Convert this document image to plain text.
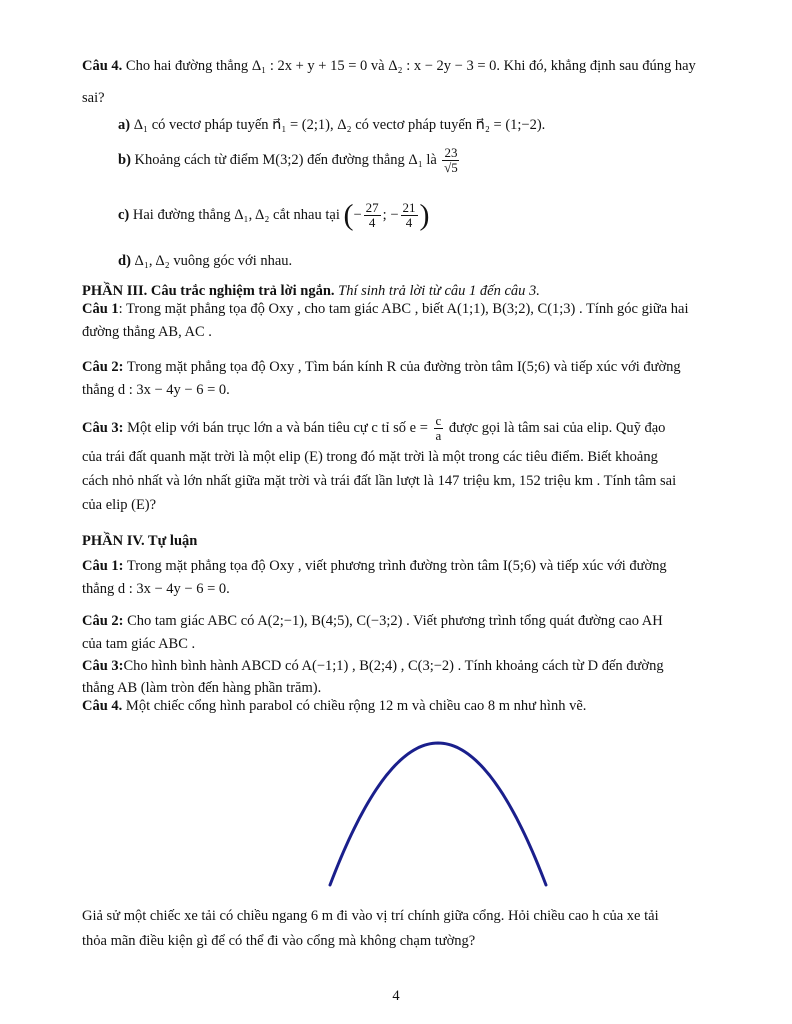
Câu 4. Cho hai đường thẳng Δ₁ : 2x + y + 15 = 0 và Δ₂ : x − 2y − 3 = 0. Khi đó, khẳng định sau đúng hay
sai?
a) Δ₁ có vectơ pháp tuyến n⃗₁ = (2;1), Δ₂ có vectơ pháp tuyến n⃗₂ = (1;−2).
b) Khoảng cách từ điểm M(3;2) đến đường thẳng Δ₁ là $\frac{23}{√5}$
c) Hai đường thẳng Δ₁, Δ₂ cắt nhau tại (− $\frac{27}{4}$ ; − $\frac{21}{4}$ )
d) Δ₁, Δ₂ vuông góc với nhau.
PHẦN III. Câu trắc nghiệm trả lời ngắn. Thí sinh trả lời từ câu 1 đến câu 3.
Câu 1: Trong mặt phẳng tọa độ Oxy , cho tam giác ABC , biết A(1;1), B(3;2), C(1;3) . Tính góc giữa hai
đường thẳng AB, AC .
Câu 2: Trong mặt phẳng tọa độ Oxy , Tìm bán kính R của đường tròn tâm I(5;6) và tiếp xúc với đường
thẳng d : 3x − 4y − 6 = 0.
Câu 3: Một elip với bán trục lớn a và bán tiêu cự c tỉ số $e = \frac{c}{a}$ được gọi là tâm sai của elip. Quỹ đạo
của trái đất quanh mặt trời là một elip (E) trong đó mặt trời là một trong các tiêu điểm. Biết khoảng
cách nhỏ nhất và lớn nhất giữa mặt trời và trái đất lần lượt là 147 triệu km, 152 triệu km . Tính tâm sai
của elip (E)?
PHẦN IV. Tự luận
Câu 1: Trong mặt phẳng tọa độ Oxy , viết phương trình đường tròn tâm I(5;6) và tiếp xúc với đường
thẳng d : 3x − 4y − 6 = 0.
Câu 2: Cho tam giác ABC có A(2;−1), B(4;5), C(−3;2) . Viết phương trình tổng quát đường cao AH
của tam giác ABC .
Câu 3:Cho hình bình hành ABCD có A(−1;1) , B(2;4) , C(3;−2) . Tính khoảng cách từ D đến đường
thẳng AB (làm tròn đến hàng phần trăm).
Câu 4. Một chiếc cổng hình parabol có chiều rộng 12 m và chiều cao 8 m như hình vẽ.
Giả sử một chiếc xe tải có chiều ngang 6 m đi vào vị trí chính giữa cổng. Hỏi chiều cao h của xe tải
thỏa mãn điều kiện gì để có thể đi vào cổng mà không chạm tường?
4
